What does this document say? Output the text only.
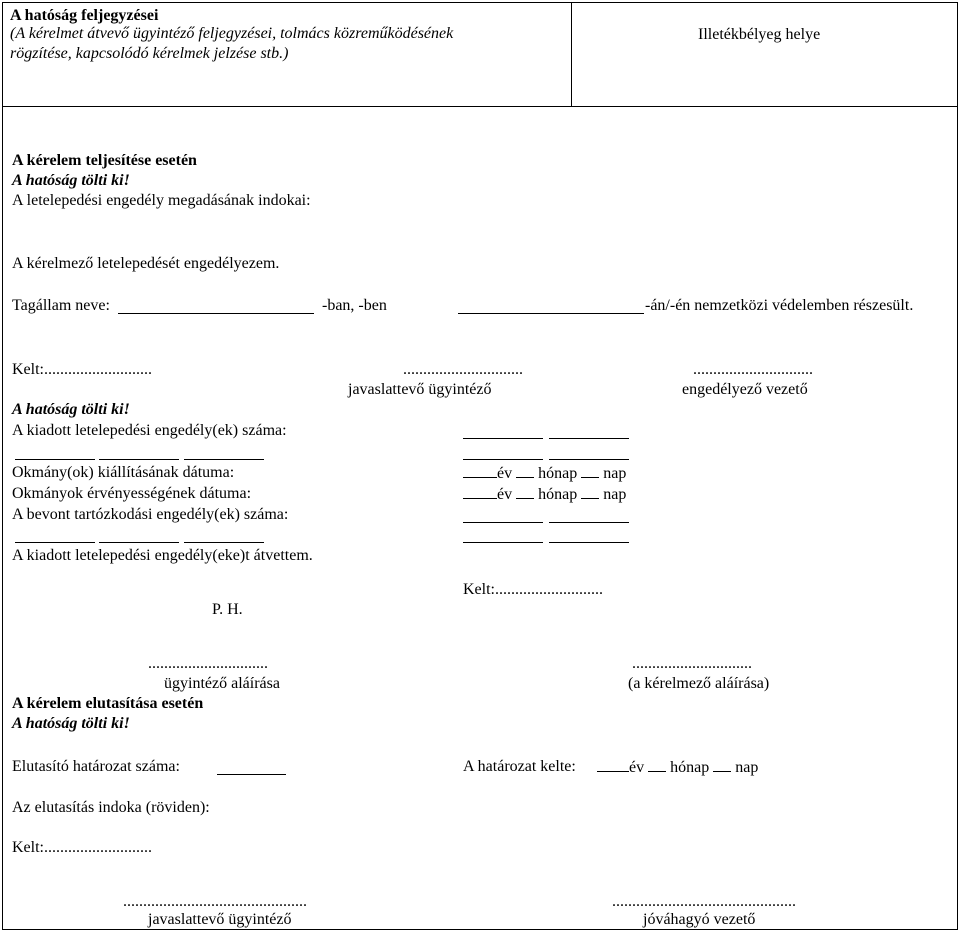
A hatóság feljegyzései
(A kérelmet átvevő ügyintéző feljegyzései, tolmács közreműködésének
rögzítése, kapcsolódó kérelmek jelzése stb.)
Illetékbélyeg helye
A kérelem teljesítése esetén
A hatóság tölti ki!
A letelepedési engedély megadásának indokai:
A kérelmező letelepedését engedélyezem.
Tagállam neve:	-ban, -ben	-án/-én nemzetközi védelemben részesült.
Kelt:...........................	..............................	..............................
javaslattevő ügyintéző	engedélyező vezető
A hatóság tölti ki!
A kiadott letelepedési engedély(ek) száma:
Okmány(ok) kiállításának dátuma:	év hónap nap
Okmányok érvényességének dátuma:	év hónap nap
A bevont tartózkodási engedély(ek) száma:
A kiadott letelepedési engedély(eke)t átvettem.
Kelt:...........................
P. H.
..............................	..............................
ügyintéző aláírása	(a kérelmező aláírása)
A kérelem elutasítása esetén
A hatóság tölti ki!
Elutasító határozat száma:	A határozat kelte:	év hónap nap
Az elutasítás indoka (röviden):
Kelt:...........................
..............................................	..............................................
javaslattevő ügyintéző	jóváhagyó vezető
